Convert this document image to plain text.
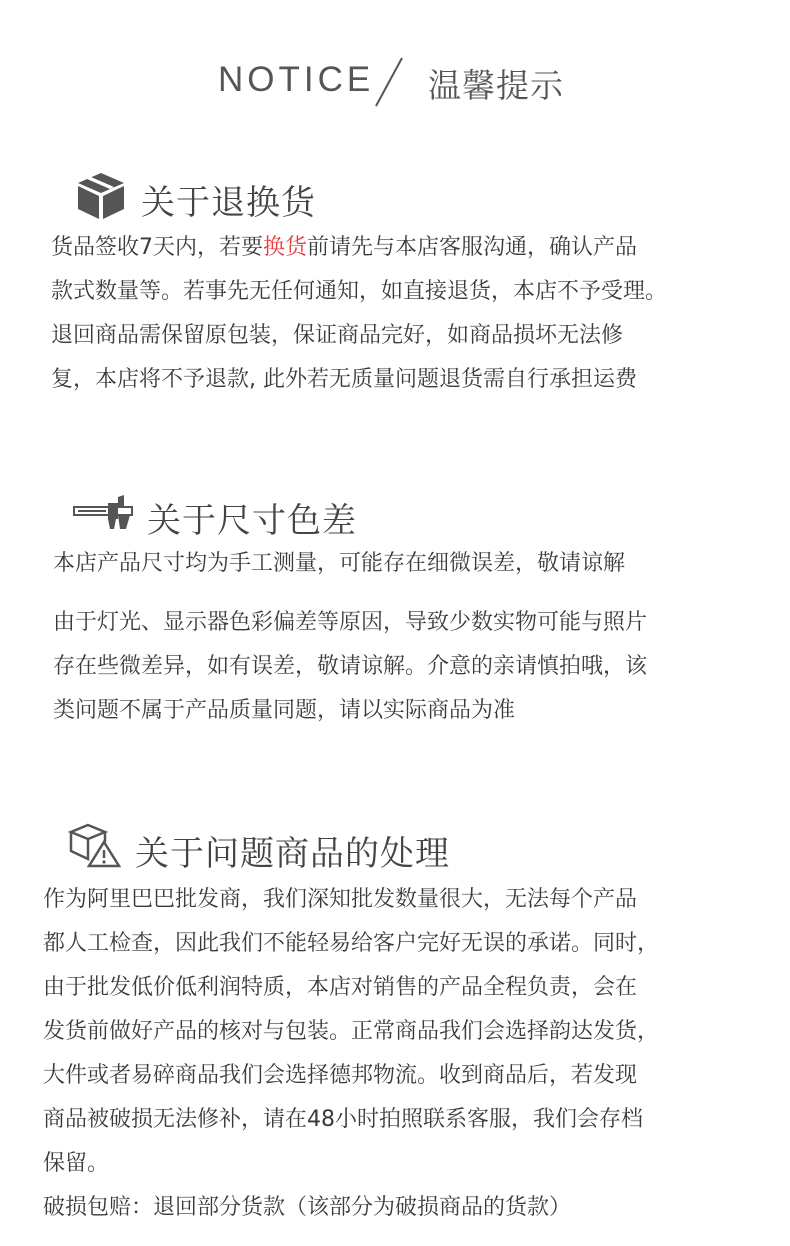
NOTICE 温馨提示
关于退换货
货品签收7天内，若要换货前请先与本店客服沟通，确认产品
款式数量等。若事先无任何通知，如直接退货，本店不予受理。
退回商品需保留原包装，保证商品完好，如商品损坏无法修
复，本店将不予退款, 此外若无质量问题退货需自行承担运费
关于尺寸色差
本店产品尺寸均为手工测量，可能存在细微误差，敬请谅解
由于灯光、显示器色彩偏差等原因，导致少数实物可能与照片
存在些微差异，如有误差，敬请谅解。介意的亲请慎拍哦，该
类问题不属于产品质量同题，请以实际商品为准
关于问题商品的处理
作为阿里巴巴批发商，我们深知批发数量很大，无法每个产品
都人工检查，因此我们不能轻易给客户完好无误的承诺。同时，
由于批发低价低利润特质，本店对销售的产品全程负责，会在
发货前做好产品的核对与包装。正常商品我们会选择韵达发货，
大件或者易碎商品我们会选择德邦物流。收到商品后，若发现
商品被破损无法修补，请在48小时拍照联系客服，我们会存档
保留。
破损包赔：退回部分货款（该部分为破损商品的货款）
